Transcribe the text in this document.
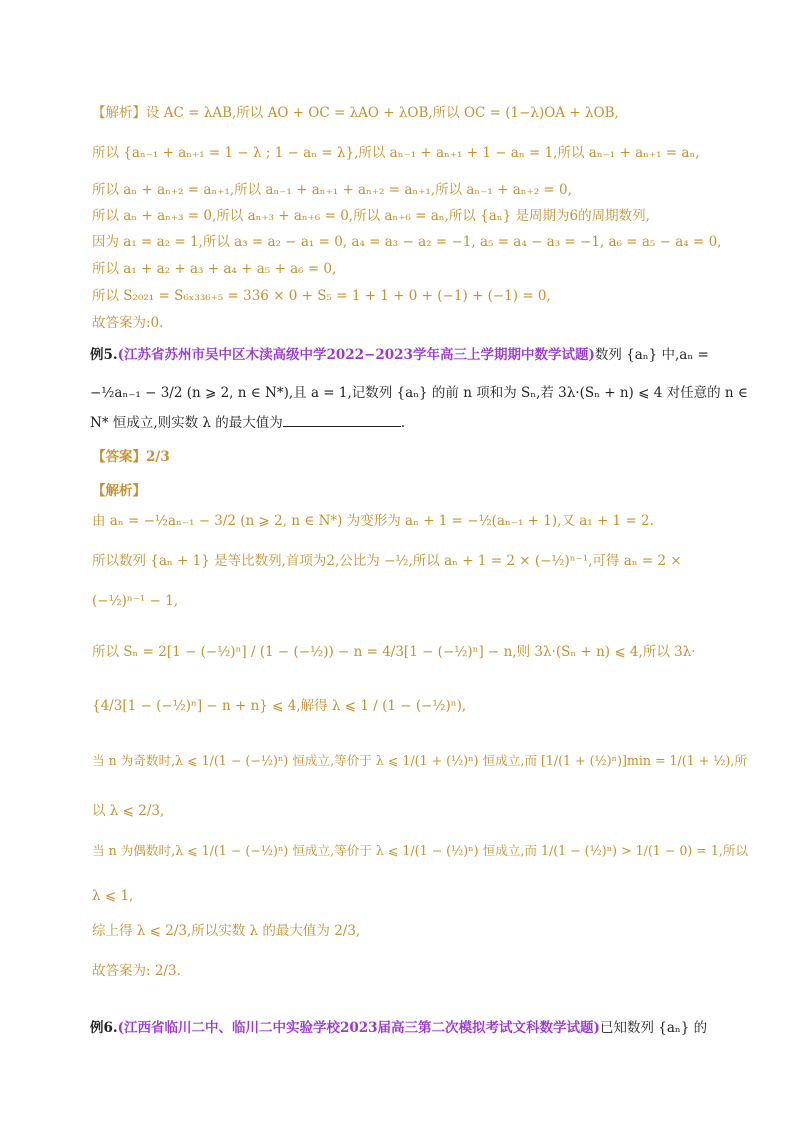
【解析】设 AC = λAB,所以 AO + OC = λAO + λOB,所以 OC = (1−λ)OA + λOB,
所以 {aₙ₋₁ + aₙ₊₁ = 1 − λ ; 1 − aₙ = λ},所以 aₙ₋₁ + aₙ₊₁ + 1 − aₙ = 1,所以 aₙ₋₁ + aₙ₊₁ = aₙ,
所以 aₙ + aₙ₊₂ = aₙ₊₁,所以 aₙ₋₁ + aₙ₊₁ + aₙ₊₂ = aₙ₊₁,所以 aₙ₋₁ + aₙ₊₂ = 0,
所以 aₙ + aₙ₊₃ = 0,所以 aₙ₊₃ + aₙ₊₆ = 0,所以 aₙ₊₆ = aₙ,所以 {aₙ} 是周期为6的周期数列,
因为 a₁ = a₂ = 1,所以 a₃ = a₂ − a₁ = 0, a₄ = a₃ − a₂ = −1, a₅ = a₄ − a₃ = −1, a₆ = a₅ − a₄ = 0,
所以 a₁ + a₂ + a₃ + a₄ + a₅ + a₆ = 0,
所以 S₂₀₂₁ = S₆ₓ₃₃₆₊₅ = 336 × 0 + S₅ = 1 + 1 + 0 + (−1) + (−1) = 0,
故答案为:0.
例5.(江苏省苏州市吴中区木渎高级中学2022−2023学年高三上学期期中数学试题)数列 {aₙ} 中,aₙ =
−½aₙ₋₁ − 3/2 (n ⩾ 2, n ∈ N*),且 a = 1,记数列 {aₙ} 的前 n 项和为 Sₙ,若 3λ·(Sₙ + n) ⩽ 4 对任意的 n ∈
N* 恒成立,则实数 λ 的最大值为	.
【答案】2/3
【解析】
由 aₙ = −½aₙ₋₁ − 3/2 (n ⩾ 2, n ∈ N*) 为变形为 aₙ + 1 = −½(aₙ₋₁ + 1),又 a₁ + 1 = 2.
所以数列 {aₙ + 1} 是等比数列,首项为2,公比为 −½,所以 aₙ + 1 = 2 × (−½)ⁿ⁻¹,可得 aₙ = 2 ×
(−½)ⁿ⁻¹ − 1,
所以 Sₙ = 2[1 − (−½)ⁿ] / (1 − (−½)) − n = 4/3[1 − (−½)ⁿ] − n,则 3λ·(Sₙ + n) ⩽ 4,所以 3λ·
{4/3[1 − (−½)ⁿ] − n + n} ⩽ 4,解得 λ ⩽ 1 / (1 − (−½)ⁿ),
当 n 为奇数时,λ ⩽ 1/(1 − (−½)ⁿ) 恒成立,等价于 λ ⩽ 1/(1 + (½)ⁿ) 恒成立,而 [1/(1 + (½)ⁿ)]min = 1/(1 + ½),所
以 λ ⩽ 2/3,
当 n 为偶数时,λ ⩽ 1/(1 − (−½)ⁿ) 恒成立,等价于 λ ⩽ 1/(1 − (½)ⁿ) 恒成立,而 1/(1 − (½)ⁿ) > 1/(1 − 0) = 1,所以
λ ⩽ 1,
综上得 λ ⩽ 2/3,所以实数 λ 的最大值为 2/3,
故答案为: 2/3.
例6.(江西省临川二中、临川二中实验学校2023届高三第二次模拟考试文科数学试题)已知数列 {aₙ} 的
